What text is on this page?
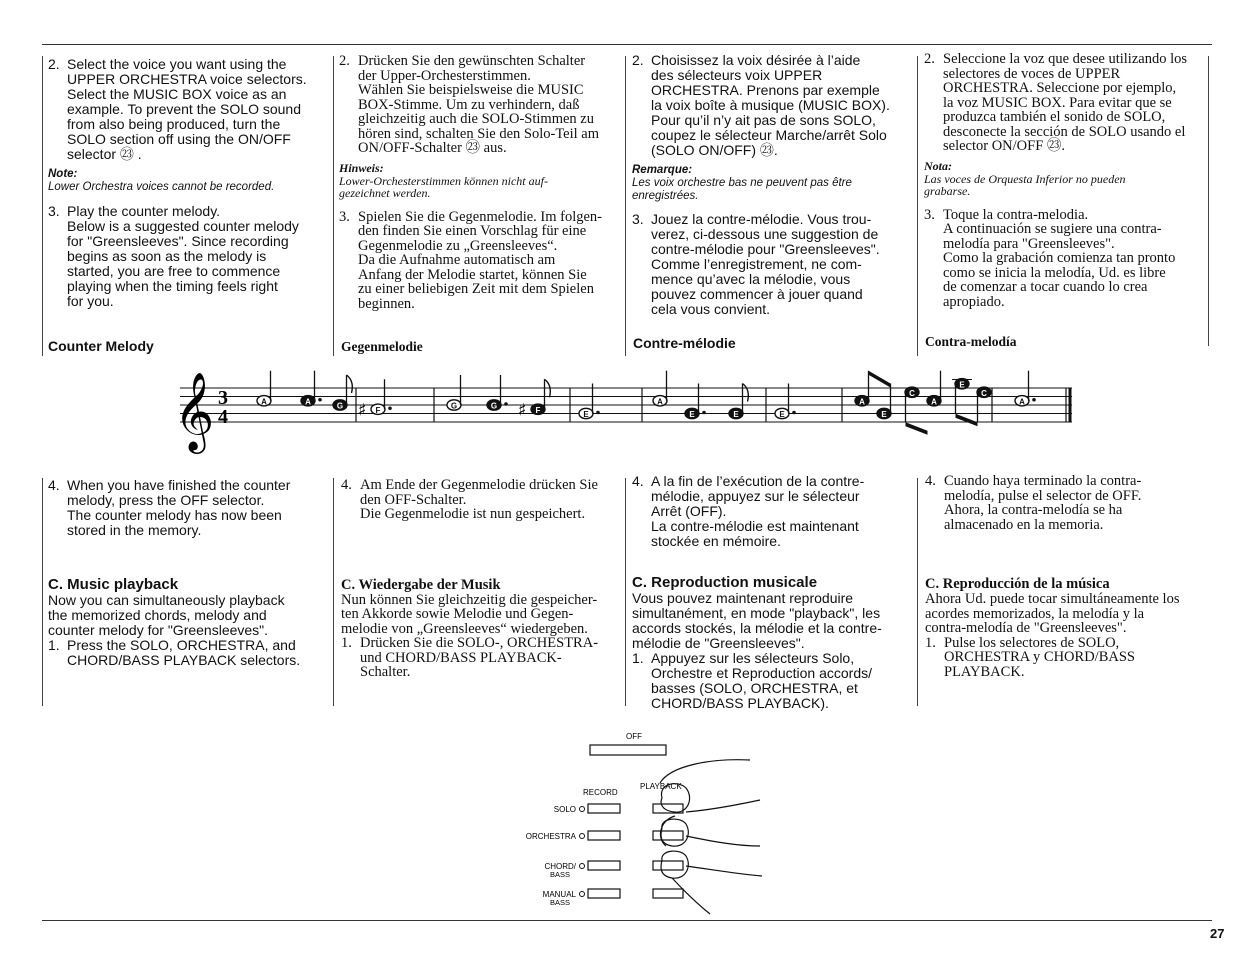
2. Select the voice you want using the
UPPER ORCHESTRA voice selectors.
Select the MUSIC BOX voice as an
example. To prevent the SOLO sound
from also being produced, turn the
SOLO section off using the ON/OFF
selector ㉓ .
Note:
Lower Orchestra voices cannot be recorded.
3. Play the counter melody.
Below is a suggested counter melody
for "Greensleeves". Since recording
begins as soon as the melody is
started, you are free to commence
playing when the timing feels right
for you.
Counter Melody
2. Drücken Sie den gewünschten Schalter
der Upper-Orchesterstimmen.
Wählen Sie beispielsweise die MUSIC
BOX-Stimme. Um zu verhindern, daß
gleichzeitig auch die SOLO-Stimmen zu
hören sind, schalten Sie den Solo-Teil am
ON/OFF-Schalter ㉓ aus.
Hinweis:
Lower-Orchesterstimmen können nicht auf-
gezeichnet werden.
3. Spielen Sie die Gegenmelodie. Im folgen-
den finden Sie einen Vorschlag für eine
Gegenmelodie zu „Greensleeves“.
Da die Aufnahme automatisch am
Anfang der Melodie startet, können Sie
zu einer beliebigen Zeit mit dem Spielen
beginnen.
Gegenmelodie
2. Choisissez la voix désirée à l’aide
des sélecteurs voix UPPER
ORCHESTRA. Prenons par exemple
la voix boîte à musique (MUSIC BOX).
Pour qu’il n’y ait pas de sons SOLO,
coupez le sélecteur Marche/arrêt Solo
(SOLO ON/OFF) ㉓.
Remarque:
Les voix orchestre bas ne peuvent pas être
enregistrées.
3. Jouez la contre-mélodie. Vous trou-
verez, ci-dessous une suggestion de
contre-mélodie pour "Greensleeves".
Comme l’enregistrement, ne com-
mence qu’avec la mélodie, vous
pouvez commencer à jouer quand
cela vous convient.
Contre-mélodie
2. Seleccione la voz que desee utilizando los
selectores de voces de UPPER
ORCHESTRA. Seleccione por ejemplo,
la voz MUSIC BOX. Para evitar que se
produzca también el sonido de SOLO,
desconecte la sección de SOLO usando el
selector ON/OFF ㉓.
Nota:
Las voces de Orquesta Inferior no pueden
grabarse.
3. Toque la contra-melodia.
A continuación se sugiere una contra-
melodía para "Greensleeves".
Como la grabación comienza tan pronto
como se inicia la melodía, Ud. es libre
de comenzar a tocar cuando lo crea
apropiado.
Contra-melodía
𝄞 3
4
A	A	G	F
♯	G	G	F
♯	E
A
E	E	E
A
E
C
A
E
C
A
4. When you have finished the counter
melody, press the OFF selector.
The counter melody has now been
stored in the memory.
C. Music playback
Now you can simultaneously playback
the memorized chords, melody and
counter melody for "Greensleeves".
1. Press the SOLO, ORCHESTRA, and
CHORD/BASS PLAYBACK selectors.
4. Am Ende der Gegenmelodie drücken Sie
den OFF-Schalter.
Die Gegenmelodie ist nun gespeichert.
C. Wiedergabe der Musik
Nun können Sie gleichzeitig die gespeicher-
ten Akkorde sowie Melodie und Gegen-
melodie von „Greensleeves“ wiedergeben.
1. Drücken Sie die SOLO-, ORCHESTRA-
und CHORD/BASS PLAYBACK-
Schalter.
4. A la fin de l’exécution de la contre-
mélodie, appuyez sur le sélecteur
Arrêt (OFF).
La contre-mélodie est maintenant
stockée en mémoire.
C. Reproduction musicale
Vous pouvez maintenant reproduire
simultanément, en mode "playback", les
accords stockés, la mélodie et la contre-
mélodie de "Greensleeves".
1. Appuyez sur les sélecteurs Solo,
Orchestre et Reproduction accords/
basses (SOLO, ORCHESTRA, et
CHORD/BASS PLAYBACK).
4. Cuando haya terminado la contra-
melodía, pulse el selector de OFF.
Ahora, la contra-melodía se ha
almacenado en la memoria.
C. Reproducción de la música
Ahora Ud. puede tocar simultáneamente los
acordes memorizados, la melodía y la
contra-melodía de "Greensleeves".
1. Pulse los selectores de SOLO,
ORCHESTRA y CHORD/BASS
PLAYBACK.
OFF
RECORD
PLAYBACK
SOLO
ORCHESTRA
CHORD/
BASS
MANUAL
BASS
27
